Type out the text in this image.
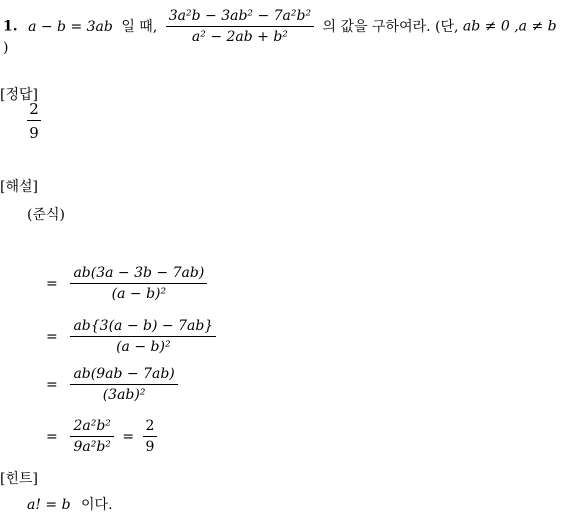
1. a − b = 3ab 일 때, $\frac{\text{3a²b − 3ab² − 7a²b²}}{\text{a² − 2ab + b²}}$ 의 값을 구하여라. (단, ab ≠ 0 ,a ≠ b
)
[정답]
$\frac{2}{9}$
[해설]
(준식)
= $\frac{ab(3a - 3b - 7ab)}{\text{(a − b)²}}$
= $\frac{ab\{3(a - b) - 7ab\}}{\text{(a − b)²}}$
= $\frac{ab(9ab - 7ab)}{\text{(3ab)²}}$
= $\frac{\text{2a²b²}}{\text{9a²b²}} = \frac{2}{9}$
[힌트]
a! = b 이다.
